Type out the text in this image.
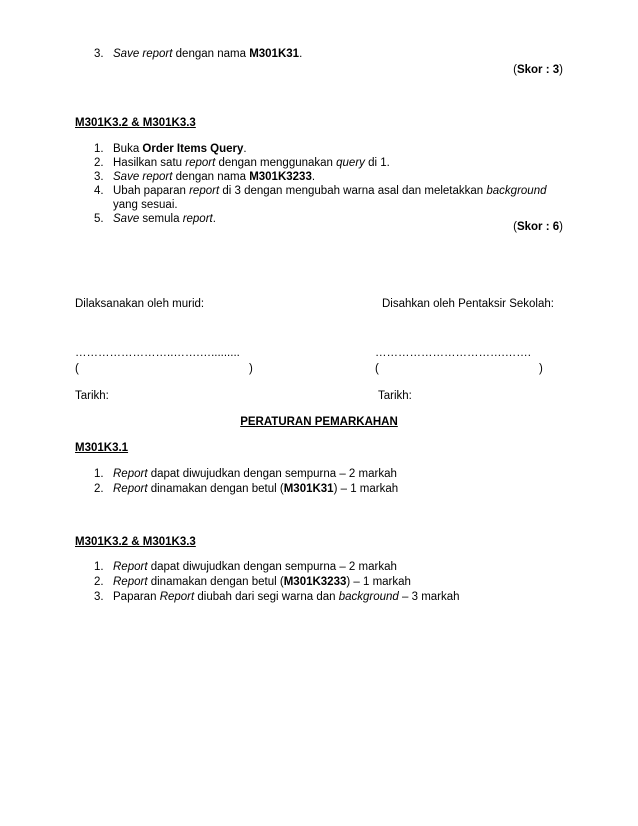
3. Save report dengan nama M301K31.
(Skor : 3)
M301K3.2 & M301K3.3
1. Buka Order Items Query.
2. Hasilkan satu report dengan menggunakan query di 1.
3. Save report dengan nama M301K3233.
4. Ubah paparan report di 3 dengan mengubah warna asal dan meletakkan background
yang sesuai.
5. Save semula report.
(Skor : 6)
Dilaksanakan oleh murid:	Disahkan oleh Pentaksir Sekolah:
……………………..…….….........	…………………………….…….
(	)	(	)
Tarikh:	Tarikh:
PERATURAN PEMARKAHAN
M301K3.1
1. Report dapat diwujudkan dengan sempurna – 2 markah
2. Report dinamakan dengan betul (M301K31) – 1 markah
M301K3.2 & M301K3.3
1. Report dapat diwujudkan dengan sempurna – 2 markah
2. Report dinamakan dengan betul (M301K3233) – 1 markah
3. Paparan Report diubah dari segi warna dan background – 3 markah
